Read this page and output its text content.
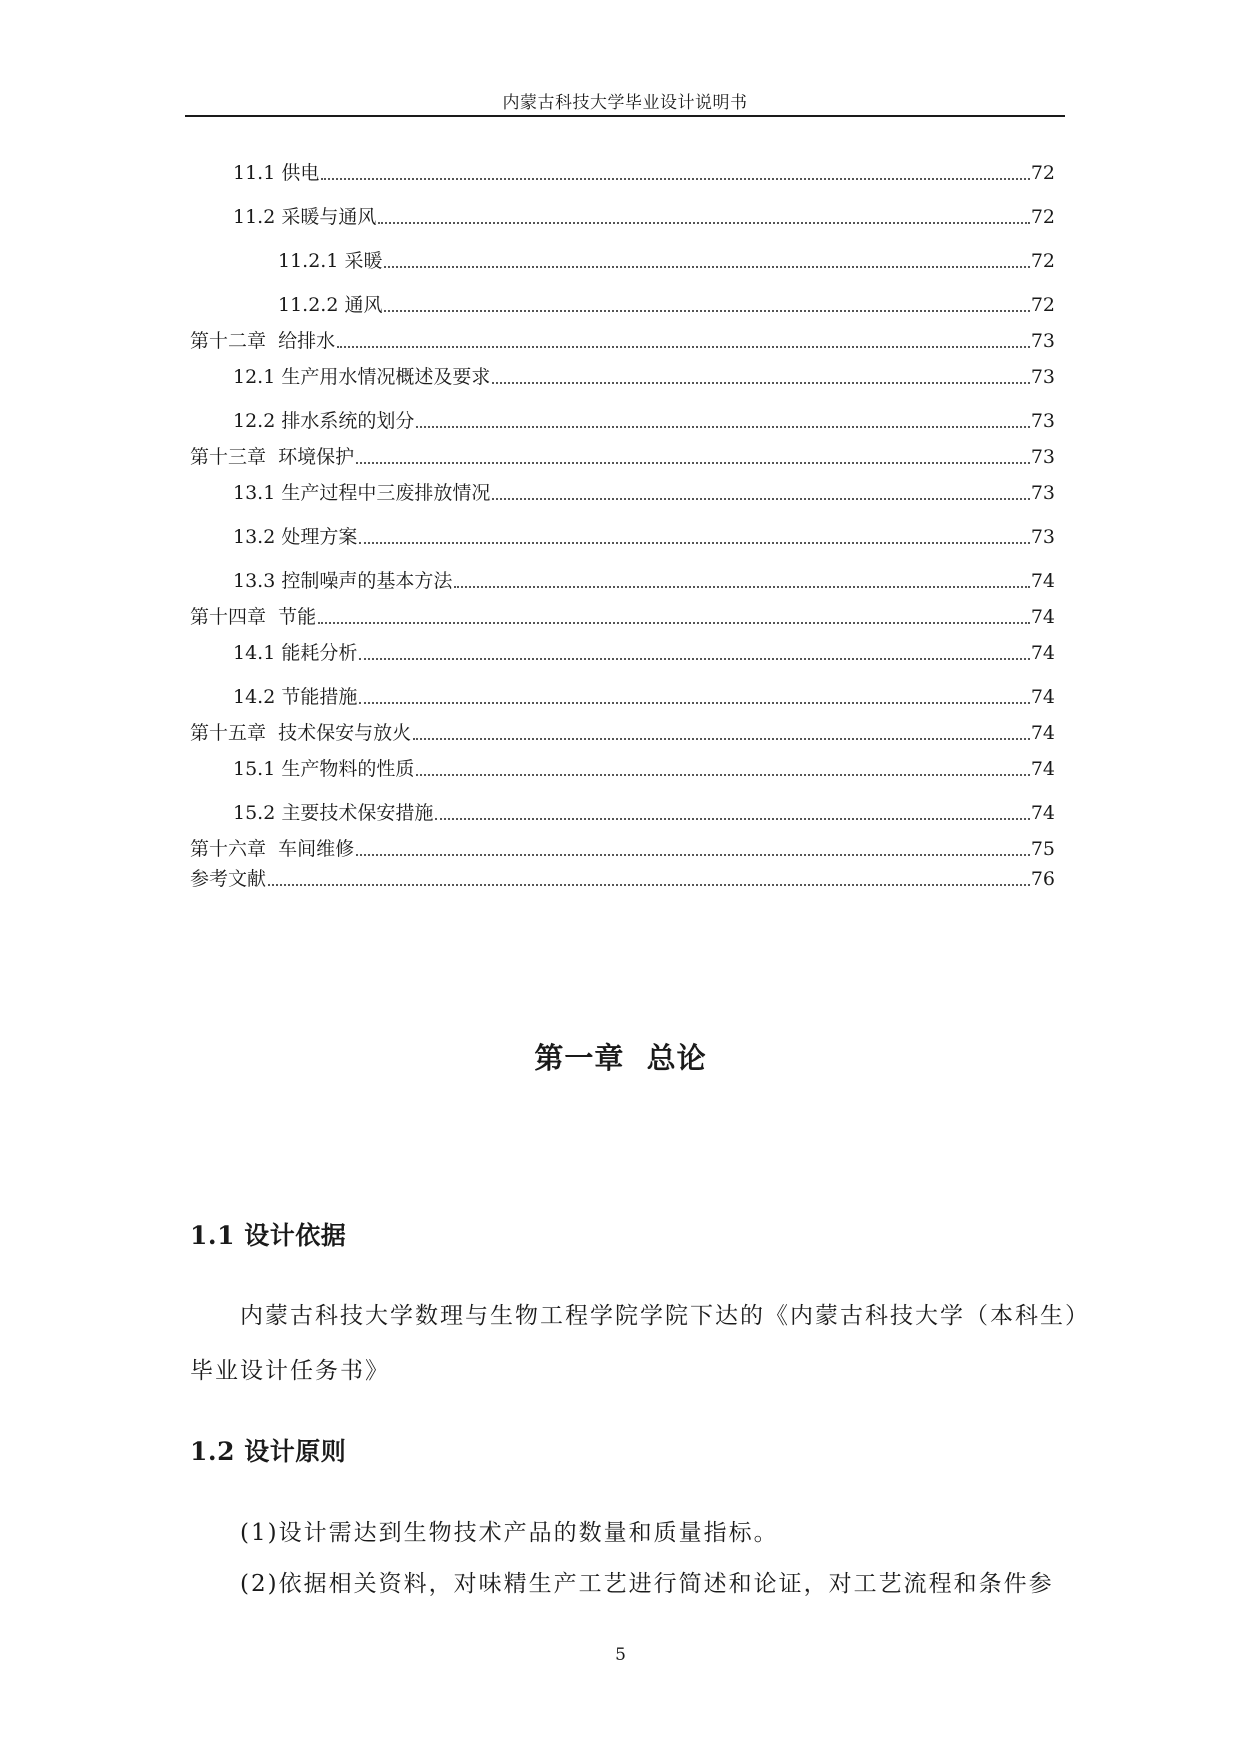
内蒙古科技大学毕业设计说明书
11.1 供电	72
11.2 采暖与通风	72
11.2.1 采暖	72
11.2.2 通风	72
第十二章  给排水	73
12.1 生产用水情况概述及要求	73
12.2 排水系统的划分	73
第十三章  环境保护	73
13.1 生产过程中三废排放情况	73
13.2 处理方案	73
13.3 控制噪声的基本方法	74
第十四章  节能	74
14.1 能耗分析	74
14.2 节能措施	74
第十五章  技术保安与放火	74
15.1 生产物料的性质	74
15.2 主要技术保安措施	74
第十六章  车间维修	75
参考文献	76
第一章  总论
1.1 设计依据
内蒙古科技大学数理与生物工程学院学院下达的《内蒙古科技大学（本科生）
毕业设计任务书》
1.2 设计原则
(1)设计需达到生物技术产品的数量和质量指标。
(2)依据相关资料，对味精生产工艺进行简述和论证，对工艺流程和条件参
5
